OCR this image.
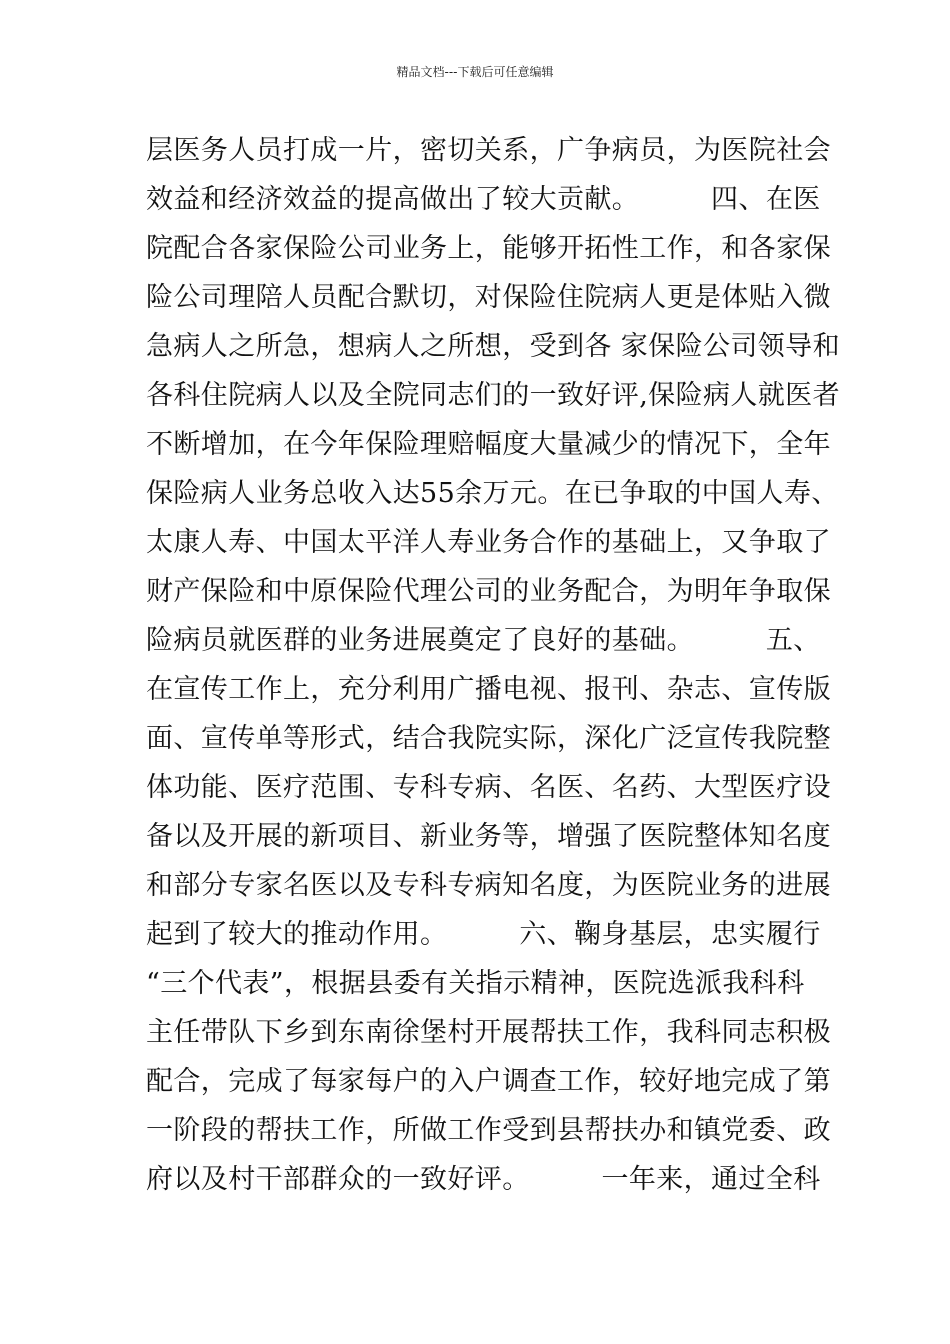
精品文档---下载后可任意编辑
层医务人员打成一片，密切关系，广争病员，为医院社会
效益和经济效益的提高做出了较大贡献。        四、在医
院配合各家保险公司业务上，能够开拓性工作，和各家保
险公司理陪人员配合默切，对保险住院病人更是体贴入微
急病人之所急，想病人之所想，受到各 家保险公司领导和
各科住院病人以及全院同志们的一致好评,保险病人就医者
不断增加，在今年保险理赔幅度大量减少的情况下，全年
保险病人业务总收入达55余万元。在已争取的中国人寿、
太康人寿、中国太平洋人寿业务合作的基础上，又争取了
财产保险和中原保险代理公司的业务配合，为明年争取保
险病员就医群的业务进展奠定了良好的基础。        五、
在宣传工作上，充分利用广播电视、报刊、杂志、宣传版
面、宣传单等形式，结合我院实际，深化广泛宣传我院整
体功能、医疗范围、专科专病、名医、名药、大型医疗设
备以及开展的新项目、新业务等，增强了医院整体知名度
和部分专家名医以及专科专病知名度，为医院业务的进展
起到了较大的推动作用。        六、鞠身基层，忠实履行
“三个代表”，根据县委有关指示精神，医院选派我科科
主任带队下乡到东南徐堡村开展帮扶工作，我科同志积极
配合，完成了每家每户的入户调查工作，较好地完成了第
一阶段的帮扶工作，所做工作受到县帮扶办和镇党委、政
府以及村干部群众的一致好评。        一年来，通过全科
